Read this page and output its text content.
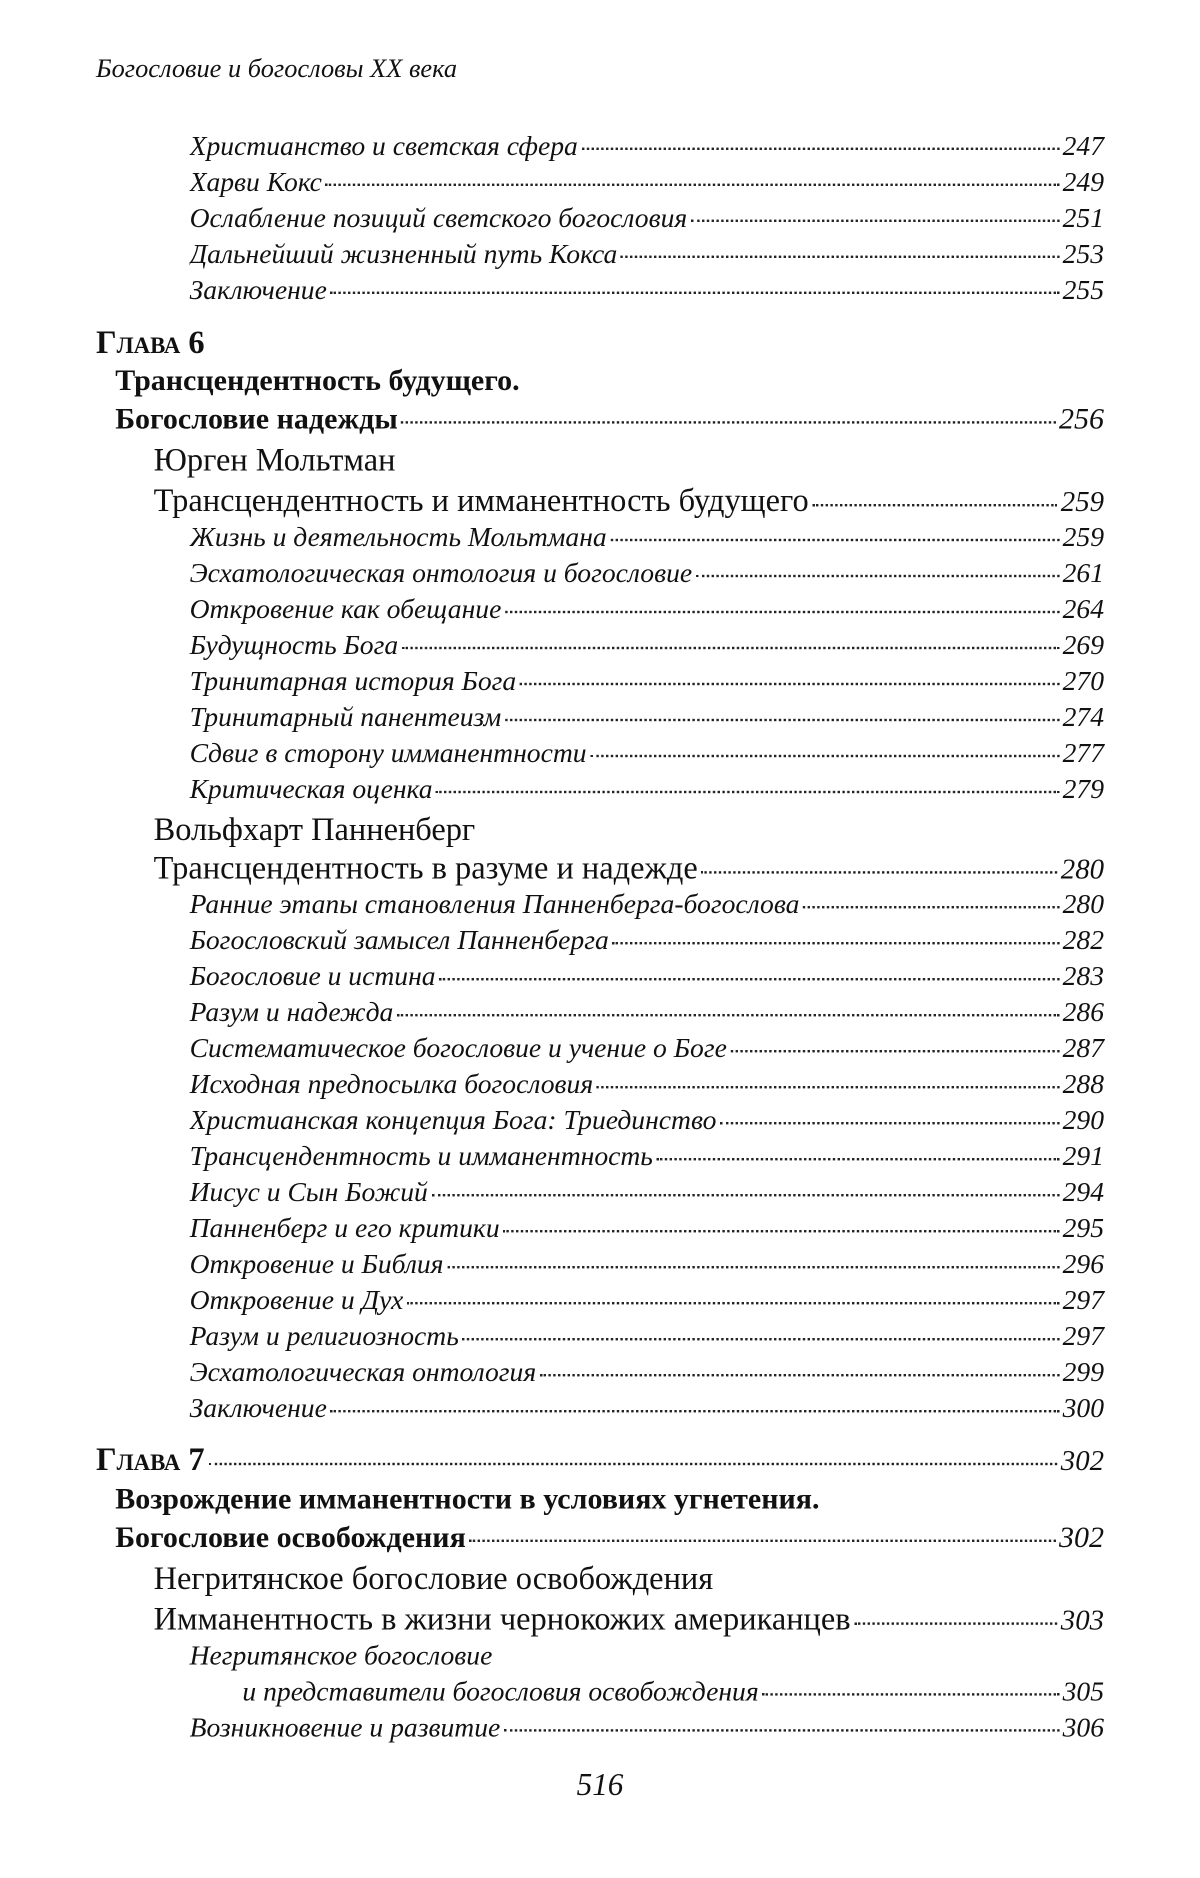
Богословие и богословы XX века
Христианство и светская сфера	247
Харви Кокс	249
Ослабление позиций светского богословия	251
Дальнейший жизненный путь Кокса	253
Заключение	255
Глава 6
Трансцендентность будущего.
Богословие надежды	256
Юрген Мольтман
Трансцендентность и имманентность будущего	259
Жизнь и деятельность Мольтмана	259
Эсхатологическая онтология и богословие	261
Откровение как обещание	264
Будущность Бога	269
Тринитарная история Бога	270
Тринитарный панентеизм	274
Сдвиг в сторону имманентности	277
Критическая оценка	279
Вольфхарт Панненберг
Трансцендентность в разуме и надежде	280
Ранние этапы становления Панненберга-богослова	280
Богословский замысел Панненберга	282
Богословие и истина	283
Разум и надежда	286
Систематическое богословие и учение о Боге	287
Исходная предпосылка богословия	288
Христианская концепция Бога: Триединство	290
Трансцендентность и имманентность	291
Иисус и Сын Божий	294
Панненберг и его критики	295
Откровение и Библия	296
Откровение и Дух	297
Разум и религиозность	297
Эсхатологическая онтология	299
Заключение	300
Глава 7	302
Возрождение имманентности в условиях угнетения.
Богословие освобождения	302
Негритянское богословие освобождения
Имманентность в жизни чернокожих американцев	303
Негритянское богословие
и представители богословия освобождения	305
Возникновение и развитие	306
516
